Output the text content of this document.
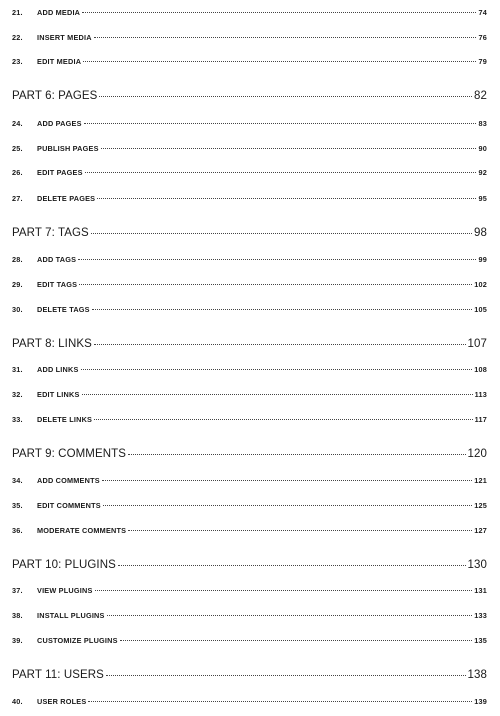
21.	ADD MEDIA	74
22.	INSERT MEDIA	76
23.	EDIT MEDIA	79
PART 6: PAGES	82
24.	ADD PAGES	83
25.	PUBLISH PAGES	90
26.	EDIT PAGES	92
27.	DELETE PAGES	95
PART 7: TAGS	98
28.	ADD TAGS	99
29.	EDIT TAGS	102
30.	DELETE TAGS	105
PART 8: LINKS	107
31.	ADD LINKS	108
32.	EDIT LINKS	113
33.	DELETE LINKS	117
PART 9: COMMENTS	120
34.	ADD COMMENTS	121
35.	EDIT COMMENTS	125
36.	MODERATE COMMENTS	127
PART 10: PLUGINS	130
37.	VIEW PLUGINS	131
38.	INSTALL PLUGINS	133
39.	CUSTOMIZE PLUGINS	135
PART 11: USERS	138
40.	USER ROLES	139
